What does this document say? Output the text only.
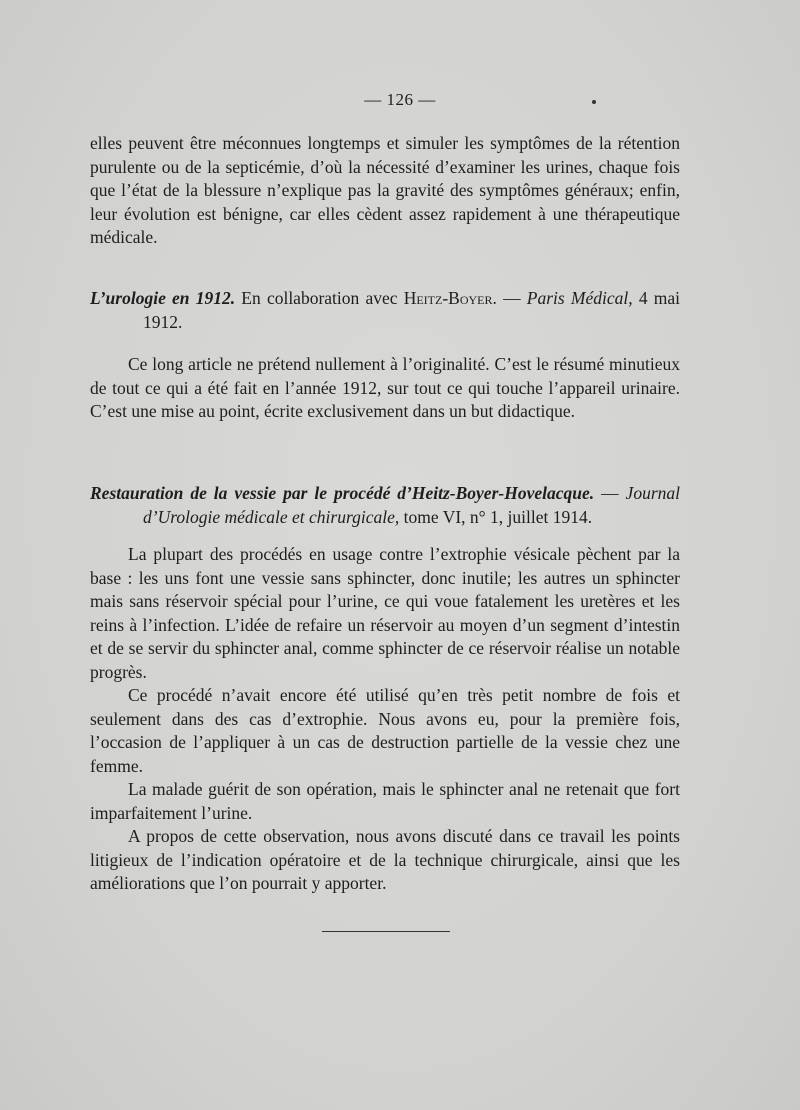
— 126 —

elles peuvent être méconnues longtemps et simuler les symptômes de la rétention purulente ou de la septicémie, d’où la nécessité d’examiner les urines, chaque fois que l’état de la blessure n’explique pas la gravité des symptômes généraux; enfin, leur évolution est bénigne, car elles cèdent assez rapidement à une thérapeutique médicale.

L’urologie en 1912. En collaboration avec Heitz-Boyer. — Paris Médical, 4 mai 1912.

Ce long article ne prétend nullement à l’originalité. C’est le résumé minutieux de tout ce qui a été fait en l’année 1912, sur tout ce qui touche l’appareil urinaire. C’est une mise au point, écrite exclusivement dans un but didactique.

Restauration de la vessie par le procédé d’Heitz-Boyer-Hovelacque. — Journal d’Urologie médicale et chirurgicale, tome VI, n° 1, juillet 1914.

La plupart des procédés en usage contre l’extrophie vésicale pèchent par la base : les uns font une vessie sans sphincter, donc inutile; les autres un sphincter mais sans réservoir spécial pour l’urine, ce qui voue fatalement les uretères et les reins à l’infection. L’idée de refaire un réservoir au moyen d’un segment d’intestin et de se servir du sphincter anal, comme sphincter de ce réservoir réalise un notable progrès.

Ce procédé n’avait encore été utilisé qu’en très petit nombre de fois et seulement dans des cas d’extrophie. Nous avons eu, pour la première fois, l’occasion de l’appliquer à un cas de destruction partielle de la vessie chez une femme.

La malade guérit de son opération, mais le sphincter anal ne retenait que fort imparfaitement l’urine.

A propos de cette observation, nous avons discuté dans ce travail les points litigieux de l’indication opératoire et de la technique chirurgicale, ainsi que les améliorations que l’on pourrait y apporter.
